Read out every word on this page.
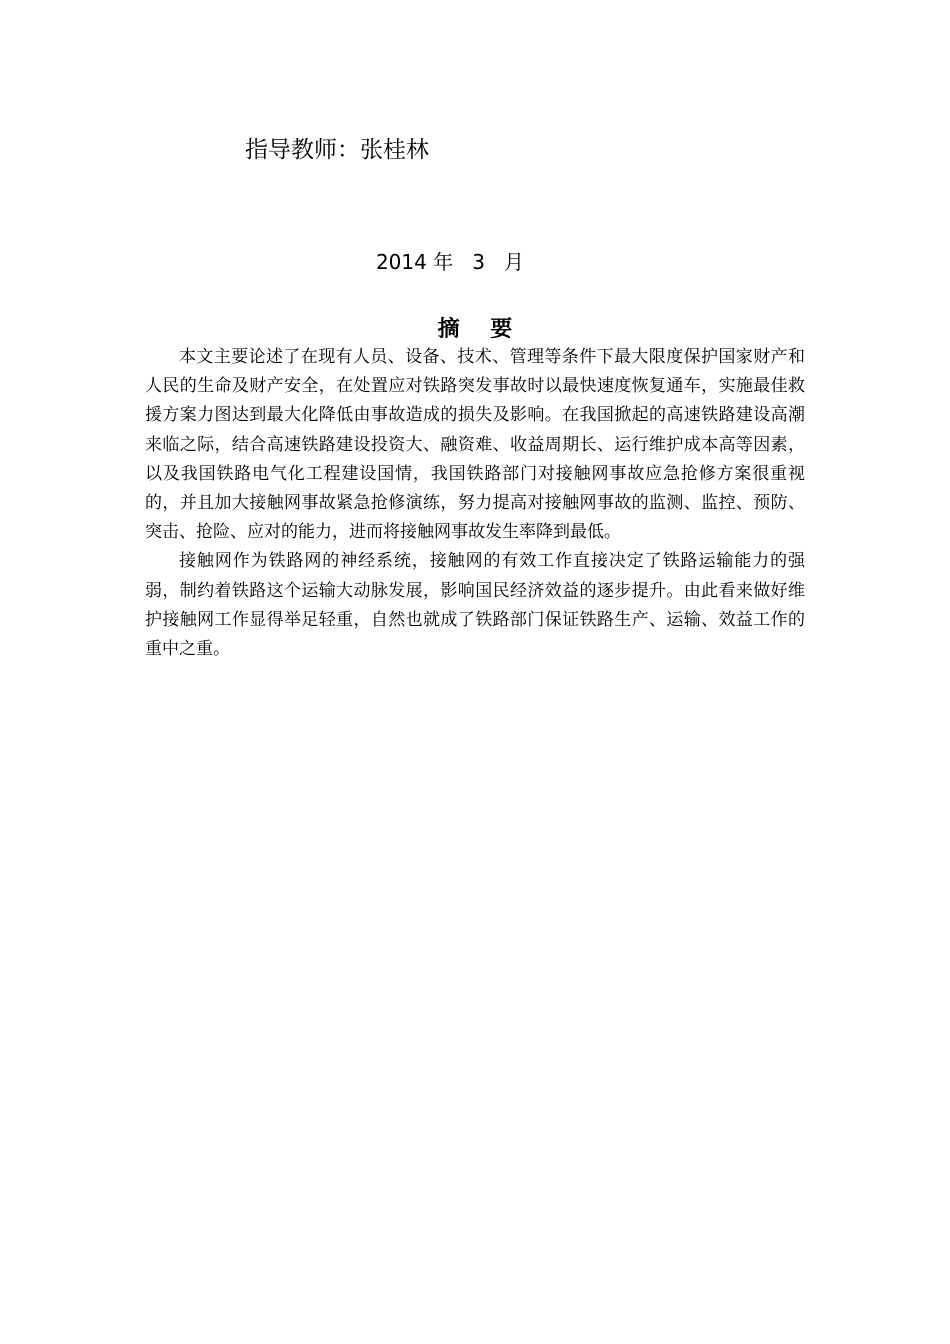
指导教师：张桂林
2014 年   3   月
摘    要

本文主要论述了在现有人员、设备、技术、管理等条件下最大限度保护国家财产和人民的生命及财产安全，在处置应对铁路突发事故时以最快速度恢复通车，实施最佳救援方案力图达到最大化降低由事故造成的损失及影响。在我国掀起的高速铁路建设高潮来临之际，结合高速铁路建设投资大、融资难、收益周期长、运行维护成本高等因素，以及我国铁路电气化工程建设国情，我国铁路部门对接触网事故应急抢修方案很重视的，并且加大接触网事故紧急抢修演练，努力提高对接触网事故的监测、监控、预防、突击、抢险、应对的能力，进而将接触网事故发生率降到最低。

接触网作为铁路网的神经系统，接触网的有效工作直接决定了铁路运输能力的强弱，制约着铁路这个运输大动脉发展，影响国民经济效益的逐步提升。由此看来做好维护接触网工作显得举足轻重，自然也就成了铁路部门保证铁路生产、运输、效益工作的重中之重。
